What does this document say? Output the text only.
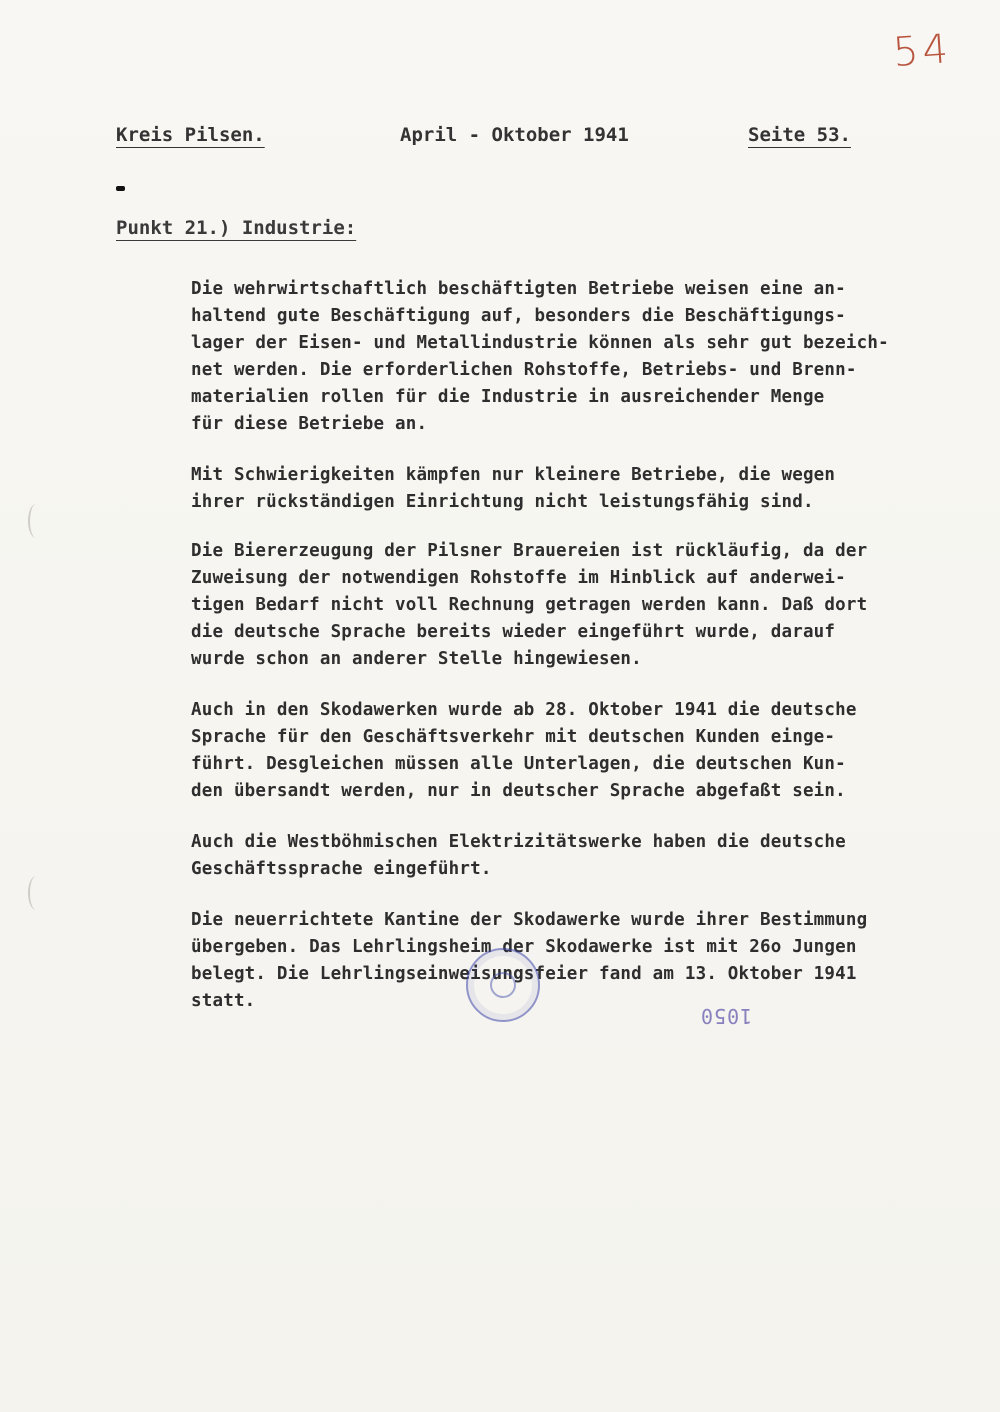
54
Kreis Pilsen.	April - Oktober 1941	Seite 53.
Punkt 21.) Industrie:
Die wehrwirtschaftlich beschäftigten Betriebe weisen eine an-
haltend gute Beschäftigung auf, besonders die Beschäftigungs-
lager der Eisen- und Metallindustrie können als sehr gut bezeich-
net werden. Die erforderlichen Rohstoffe, Betriebs- und Brenn-
materialien rollen für die Industrie in ausreichender Menge
für diese Betriebe an.
Mit Schwierigkeiten kämpfen nur kleinere Betriebe, die wegen
ihrer rückständigen Einrichtung nicht leistungsfähig sind.
Die Biererzeugung der Pilsner Brauereien ist rückläufig, da der
Zuweisung der notwendigen Rohstoffe im Hinblick auf anderwei-
tigen Bedarf nicht voll Rechnung getragen werden kann. Daß dort
die deutsche Sprache bereits wieder eingeführt wurde, darauf
wurde schon an anderer Stelle hingewiesen.
Auch in den Skodawerken wurde ab 28. Oktober 1941 die deutsche
Sprache für den Geschäftsverkehr mit deutschen Kunden einge-
führt. Desgleichen müssen alle Unterlagen, die deutschen Kun-
den übersandt werden, nur in deutscher Sprache abgefaßt sein.
Auch die Westböhmischen Elektrizitätswerke haben die deutsche
Geschäftssprache eingeführt.
Die neuerrichtete Kantine der Skodawerke wurde ihrer Bestimmung
übergeben. Das Lehrlingsheim der Skodawerke ist mit 26o Jungen
belegt. Die Lehrlingseinweisungsfeier fand am 13. Oktober 1941
statt.
1050
